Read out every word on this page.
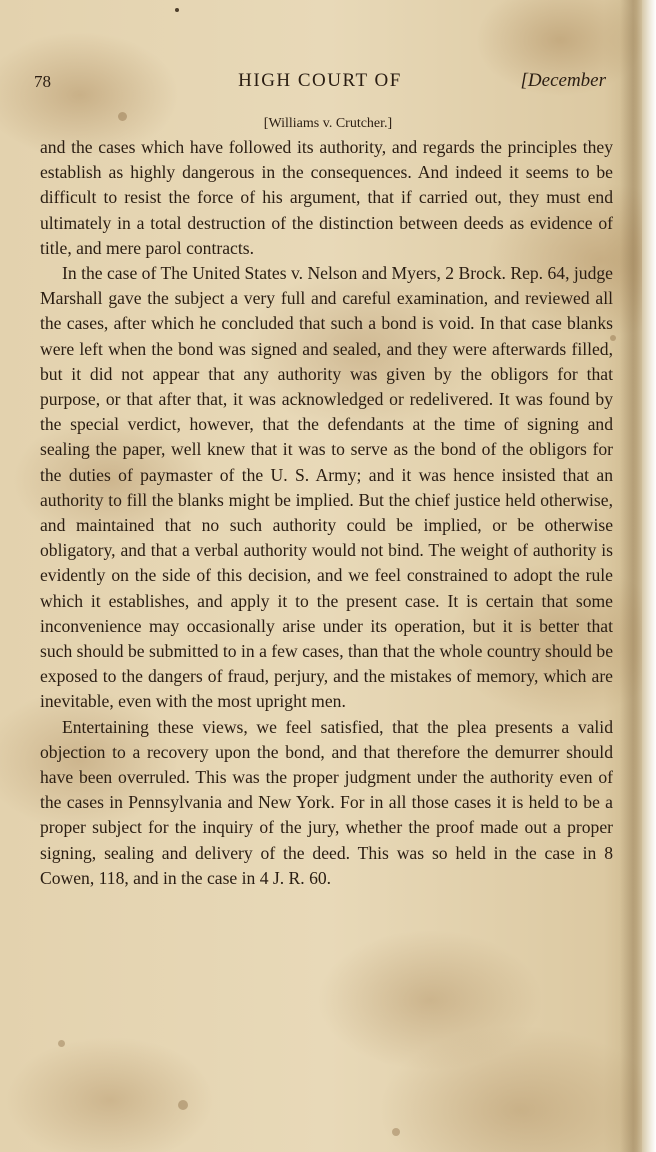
78	HIGH COURT OF	[December
[Williams v. Crutcher.]

and the cases which have followed its authority, and regards the principles they establish as highly dangerous in the consequences. And indeed it seems to be difficult to resist the force of his argument, that if carried out, they must end ultimately in a total destruction of the distinction between deeds as evidence of title, and mere parol contracts.

In the case of The United States v. Nelson and Myers, 2 Brock. Rep. 64, judge Marshall gave the subject a very full and careful examination, and reviewed all the cases, after which he concluded that such a bond is void. In that case blanks were left when the bond was signed and sealed, and they were afterwards filled, but it did not appear that any authority was given by the obligors for that purpose, or that after that, it was acknowledged or redelivered. It was found by the special verdict, however, that the defendants at the time of signing and sealing the paper, well knew that it was to serve as the bond of the obligors for the duties of paymaster of the U. S. Army; and it was hence insisted that an authority to fill the blanks might be implied. But the chief justice held otherwise, and maintained that no such authority could be implied, or be otherwise obligatory, and that a verbal authority would not bind. The weight of authority is evidently on the side of this decision, and we feel constrained to adopt the rule which it establishes, and apply it to the present case. It is certain that some inconvenience may occasionally arise under its operation, but it is better that such should be submitted to in a few cases, than that the whole country should be exposed to the dangers of fraud, perjury, and the mistakes of memory, which are inevitable, even with the most upright men.

Entertaining these views, we feel satisfied, that the plea presents a valid objection to a recovery upon the bond, and that therefore the demurrer should have been overruled. This was the proper judgment under the authority even of the cases in Pennsylvania and New York. For in all those cases it is held to be a proper subject for the inquiry of the jury, whether the proof made out a proper signing, sealing and delivery of the deed. This was so held in the case in 8 Cowen, 118, and in the case in 4 J. R. 60.
